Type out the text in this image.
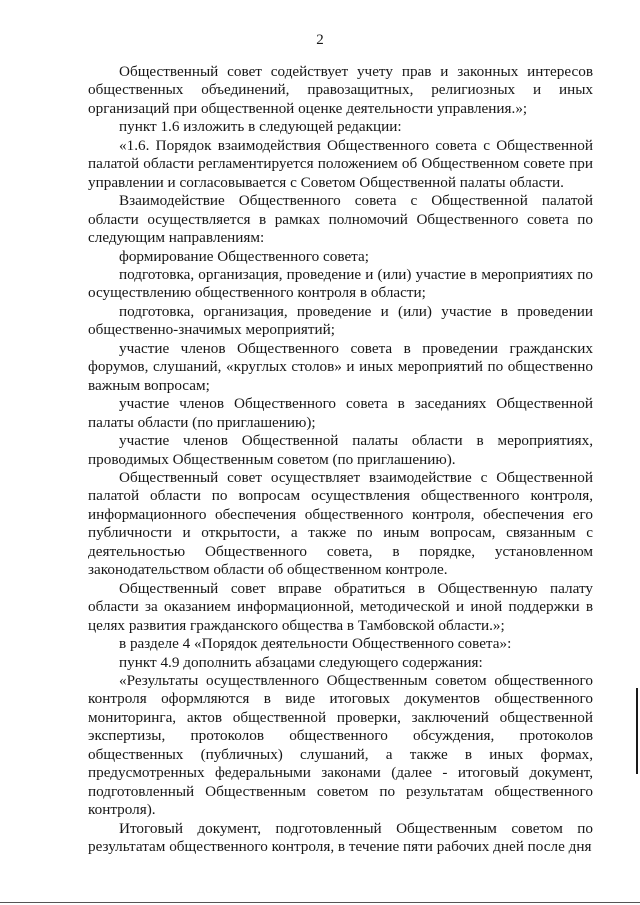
2

Общественный совет содействует учету прав и законных интересов общественных объединений, правозащитных, религиозных и иных организаций при общественной оценке деятельности управления.»;

пункт 1.6 изложить в следующей редакции:

«1.6. Порядок взаимодействия Общественного совета с Общественной палатой области регламентируется положением об Общественном совете при управлении и согласовывается с Советом Общественной палаты области.

Взаимодействие Общественного совета с Общественной палатой области осуществляется в рамках полномочий Общественного совета по следующим направлениям:

формирование Общественного совета;

подготовка, организация, проведение и (или) участие в мероприятиях по осуществлению общественного контроля в области;

подготовка, организация, проведение и (или) участие в проведении общественно-значимых мероприятий;

участие членов Общественного совета в проведении гражданских форумов, слушаний, «круглых столов» и иных мероприятий по общественно важным вопросам;

участие членов Общественного совета в заседаниях Общественной палаты области (по приглашению);

участие членов Общественной палаты области в мероприятиях, проводимых Общественным советом (по приглашению).

Общественный совет осуществляет взаимодействие с Общественной палатой области по вопросам осуществления общественного контроля, информационного обеспечения общественного контроля, обеспечения его публичности и открытости, а также по иным вопросам, связанным с деятельностью Общественного совета, в порядке, установленном законодательством области об общественном контроле.

Общественный совет вправе обратиться в Общественную палату области за оказанием информационной, методической и иной поддержки в целях развития гражданского общества в Тамбовской области.»;

в разделе 4 «Порядок деятельности Общественного совета»:

пункт 4.9 дополнить абзацами следующего содержания:

«Результаты осуществленного Общественным советом общественного контроля оформляются в виде итоговых документов общественного мониторинга, актов общественной проверки, заключений общественной экспертизы, протоколов общественного обсуждения, протоколов общественных (публичных) слушаний, а также в иных формах, предусмотренных федеральными законами (далее - итоговый документ, подготовленный Общественным советом по результатам общественного контроля).

Итоговый документ, подготовленный Общественным советом по результатам общественного контроля, в течение пяти рабочих дней после дня
